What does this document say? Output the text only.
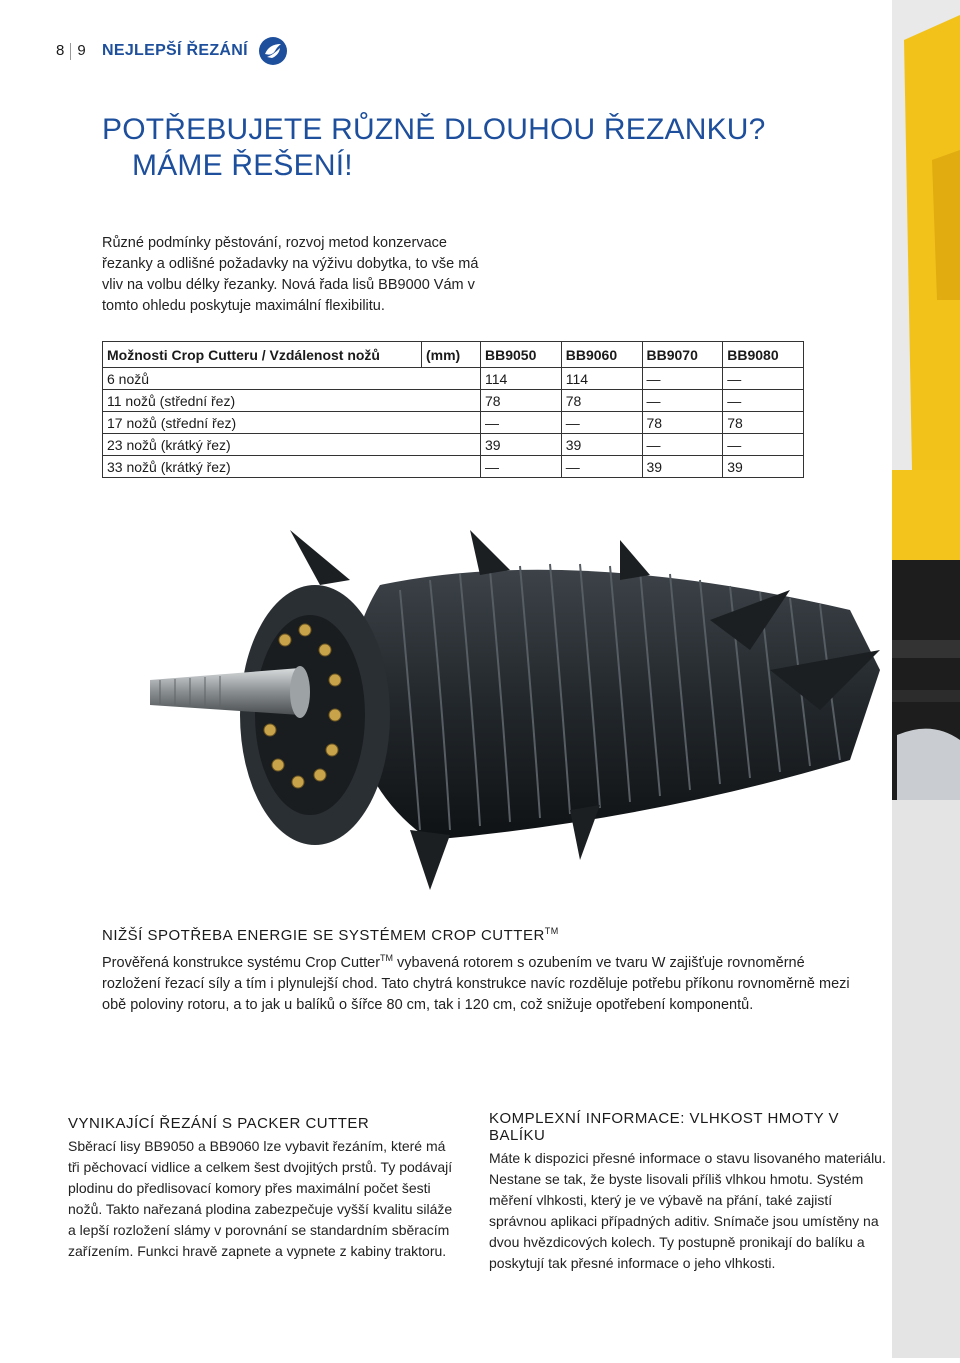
8 9 NEJLEPŠÍ ŘEZÁNÍ
POTŘEBUJETE RŮZNĚ DLOUHOU ŘEZANKU?
MÁME ŘEŠENÍ!

Různé podmínky pěstování, rozvoj metod konzervace řezanky a odlišné požadavky na výživu dobytka, to vše má vliv na volbu délky řezanky. Nová řada lisů BB9000 Vám v tomto ohledu poskytuje maximální flexibilitu.

Možnosti Crop Cutteru / Vzdálenost nožů	(mm)	BB9050	BB9060	BB9070	BB9080
6 nožů		114	114	—	—
11 nožů (střední řez)		78	78	—	—
17 nožů (střední řez)		—	—	78	78
23 nožů (krátký řez)		39	39	—	—
33 nožů (krátký řez)		—	—	39	39
NIŽŠÍ SPOTŘEBA ENERGIE SE SYSTÉMEM CROP CUTTER™

Prověřená konstrukce systému Crop Cutter™ vybavená rotorem s ozubením ve tvaru W zajišťuje rovnoměrné rozložení řezací síly a tím i plynulejší chod. Tato chytrá konstrukce navíc rozděluje potřebu příkonu rovnoměrně mezi obě poloviny rotoru, a to jak u balíků o šířce 80 cm, tak i 120 cm, což snižuje opotřebení komponentů.

VYNIKAJÍCÍ ŘEZÁNÍ S PACKER CUTTER

Sběrací lisy BB9050 a BB9060 lze vybavit řezáním, které má tři pěchovací vidlice a celkem šest dvojitých prstů. Ty podávají plodinu do předlisovací komory přes maximální počet šesti nožů. Takto nařezaná plodina zabezpečuje vyšší kvalitu siláže a lepší rozložení slámy v porovnání se standardním sběracím zařízením. Funkci hravě zapnete a vypnete z kabiny traktoru.

KOMPLEXNÍ INFORMACE: VLHKOST HMOTY V BALÍKU

Máte k dispozici přesné informace o stavu lisovaného materiálu. Nestane se tak, že byste lisovali příliš vlhkou hmotu. Systém měření vlhkosti, který je ve výbavě na přání, také zajistí správnou aplikaci případných aditiv. Snímače jsou umístěny na dvou hvězdicových kolech. Ty postupně pronikají do balíku a poskytují tak přesné informace o jeho vlhkosti.
